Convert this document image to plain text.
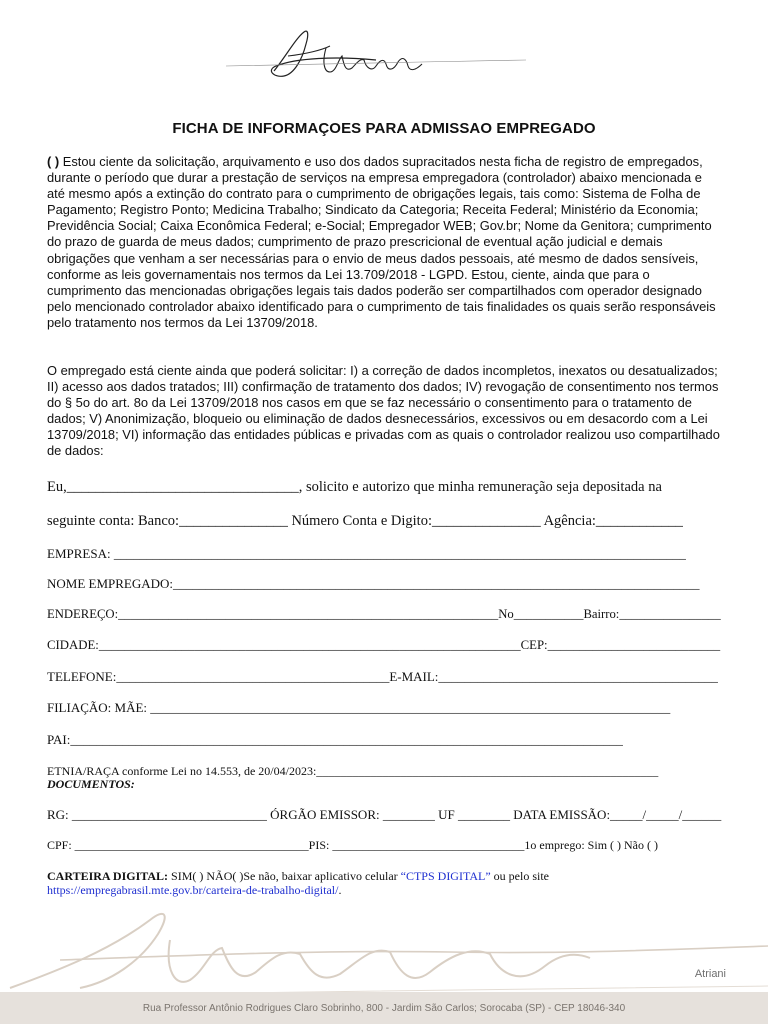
FICHA DE INFORMAÇOES PARA ADMISSAO EMPREGADO

( ) Estou ciente da solicitação, arquivamento e uso dos dados supracitados nesta ficha de registro de empregados, durante o período que durar a prestação de serviços na empresa empregadora (controlador) abaixo mencionada e até mesmo após a extinção do contrato para o cumprimento de obrigações legais, tais como: Sistema de Folha de Pagamento; Registro Ponto; Medicina Trabalho; Sindicato da Categoria; Receita Federal; Ministério da Economia; Previdência Social; Caixa Econômica Federal; e-Social; Empregador WEB; Gov.br; Nome da Genitora; cumprimento do prazo de guarda de meus dados; cumprimento de prazo prescricional de eventual ação judicial e demais obrigações que venham a ser necessárias para o envio de meus dados pessoais, até mesmo de dados sensíveis, conforme as leis governamentais nos termos da Lei 13.709/2018 - LGPD. Estou, ciente, ainda que para o cumprimento das mencionadas obrigações legais tais dados poderão ser compartilhados com operador designado pelo mencionado controlador abaixo identificado para o cumprimento de tais finalidades os quais serão responsáveis pelo tratamento nos termos da Lei 13709/2018.

O empregado está ciente ainda que poderá solicitar: I) a correção de dados incompletos, inexatos ou desatualizados; II) acesso aos dados tratados; III) confirmação de tratamento dos dados; IV) revogação de consentimento nos termos do § 5o do art. 8o da Lei 13709/2018 nos casos em que se faz necessário o consentimento para o tratamento de dados; V) Anonimização, bloqueio ou eliminação de dados desnecessários, excessivos ou em desacordo com a Lei 13709/2018; VI) informação das entidades públicas e privadas com as quais o controlador realizou uso compartilhado de dados:

Eu,________________________________, solicito e autorizo que minha remuneração seja depositada na
seguinte conta: Banco:_______________ Número Conta e Digito:_______________ Agência:____________
EMPRESA: ________________________________________________________________________________________
NOME EMPREGADO:_________________________________________________________________________________
ENDEREÇO:____________________________________________________________No___________Bairro:________________
CIDADE:__________________________________________________________________CEP:___________________________
TELEFONE:__________________________________________E-MAIL:___________________________________________
FILIAÇÃO: MÃE: ________________________________________________________________________________
PAI:_____________________________________________________________________________________
ETNIA/RAÇA conforme Lei no 14.553, de 20/04/2023:_________________________________________________________
DOCUMENTOS:
RG: ______________________________ ÓRGÃO EMISSOR: ________ UF ________ DATA EMISSÃO:_____/_____/______
CPF: _______________________________________PIS: ________________________________1o emprego: Sim ( ) Não ( )
CARTEIRA DIGITAL: SIM( ) NÃO( )Se não, baixar aplicativo celular “CTPS DIGITAL” ou pelo site
https://empregabrasil.mte.gov.br/carteira-de-trabalho-digital/.
Atriani
Rua Professor Antônio Rodrigues Claro Sobrinho, 800 - Jardim São Carlos; Sorocaba (SP) - CEP 18046-340
